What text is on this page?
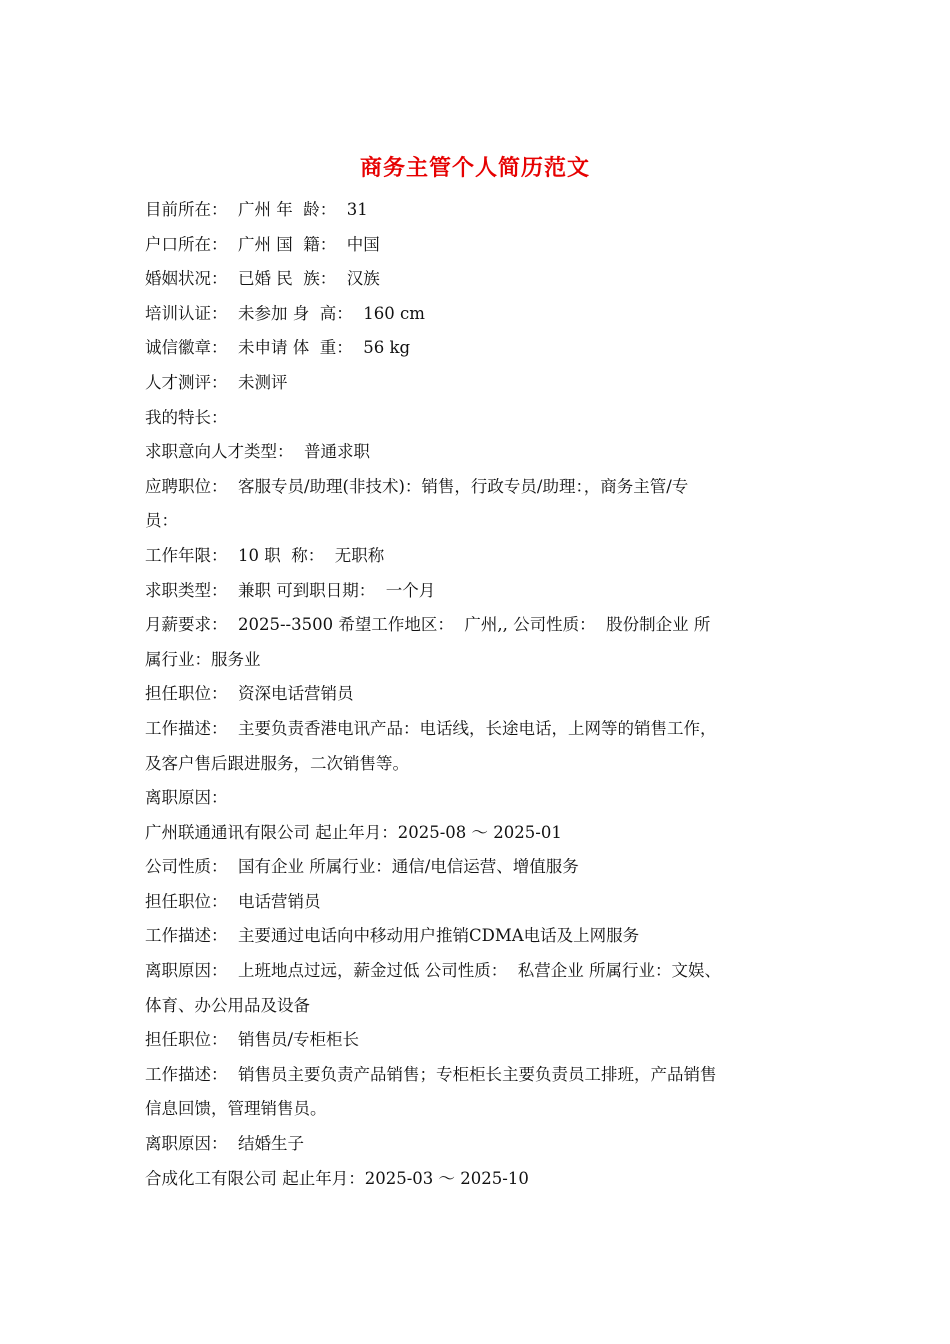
商务主管个人简历范文
目前所在：  广州 年  龄：  31
户口所在：  广州 国  籍：  中国
婚姻状况：  已婚 民  族：  汉族
培训认证：  未参加 身  高：  160 cm
诚信徽章：  未申请 体  重：  56 kg
人才测评：  未测评
我的特长：
求职意向人才类型：  普通求职
应聘职位：  客服专员/助理(非技术)：销售，行政专员/助理：，商务主管/专
员：
工作年限：  10 职  称：  无职称
求职类型：  兼职 可到职日期：  一个月
月薪要求：  2025--3500 希望工作地区：  广州,, 公司性质：  股份制企业 所
属行业：服务业
担任职位：  资深电话营销员
工作描述：  主要负责香港电讯产品：电话线，长途电话，上网等的销售工作，
及客户售后跟进服务，二次销售等。
离职原因：
广州联通通讯有限公司 起止年月：2025-08 ～ 2025-01
公司性质：  国有企业 所属行业：通信/电信运营、增值服务
担任职位：  电话营销员
工作描述：  主要通过电话向中移动用户推销CDMA电话及上网服务
离职原因：  上班地点过远，薪金过低 公司性质：  私营企业 所属行业：文娱、
体育、办公用品及设备
担任职位：  销售员/专柜柜长
工作描述：  销售员主要负责产品销售；专柜柜长主要负责员工排班，产品销售
信息回馈，管理销售员。
离职原因：  结婚生子
合成化工有限公司 起止年月：2025-03 ～ 2025-10
